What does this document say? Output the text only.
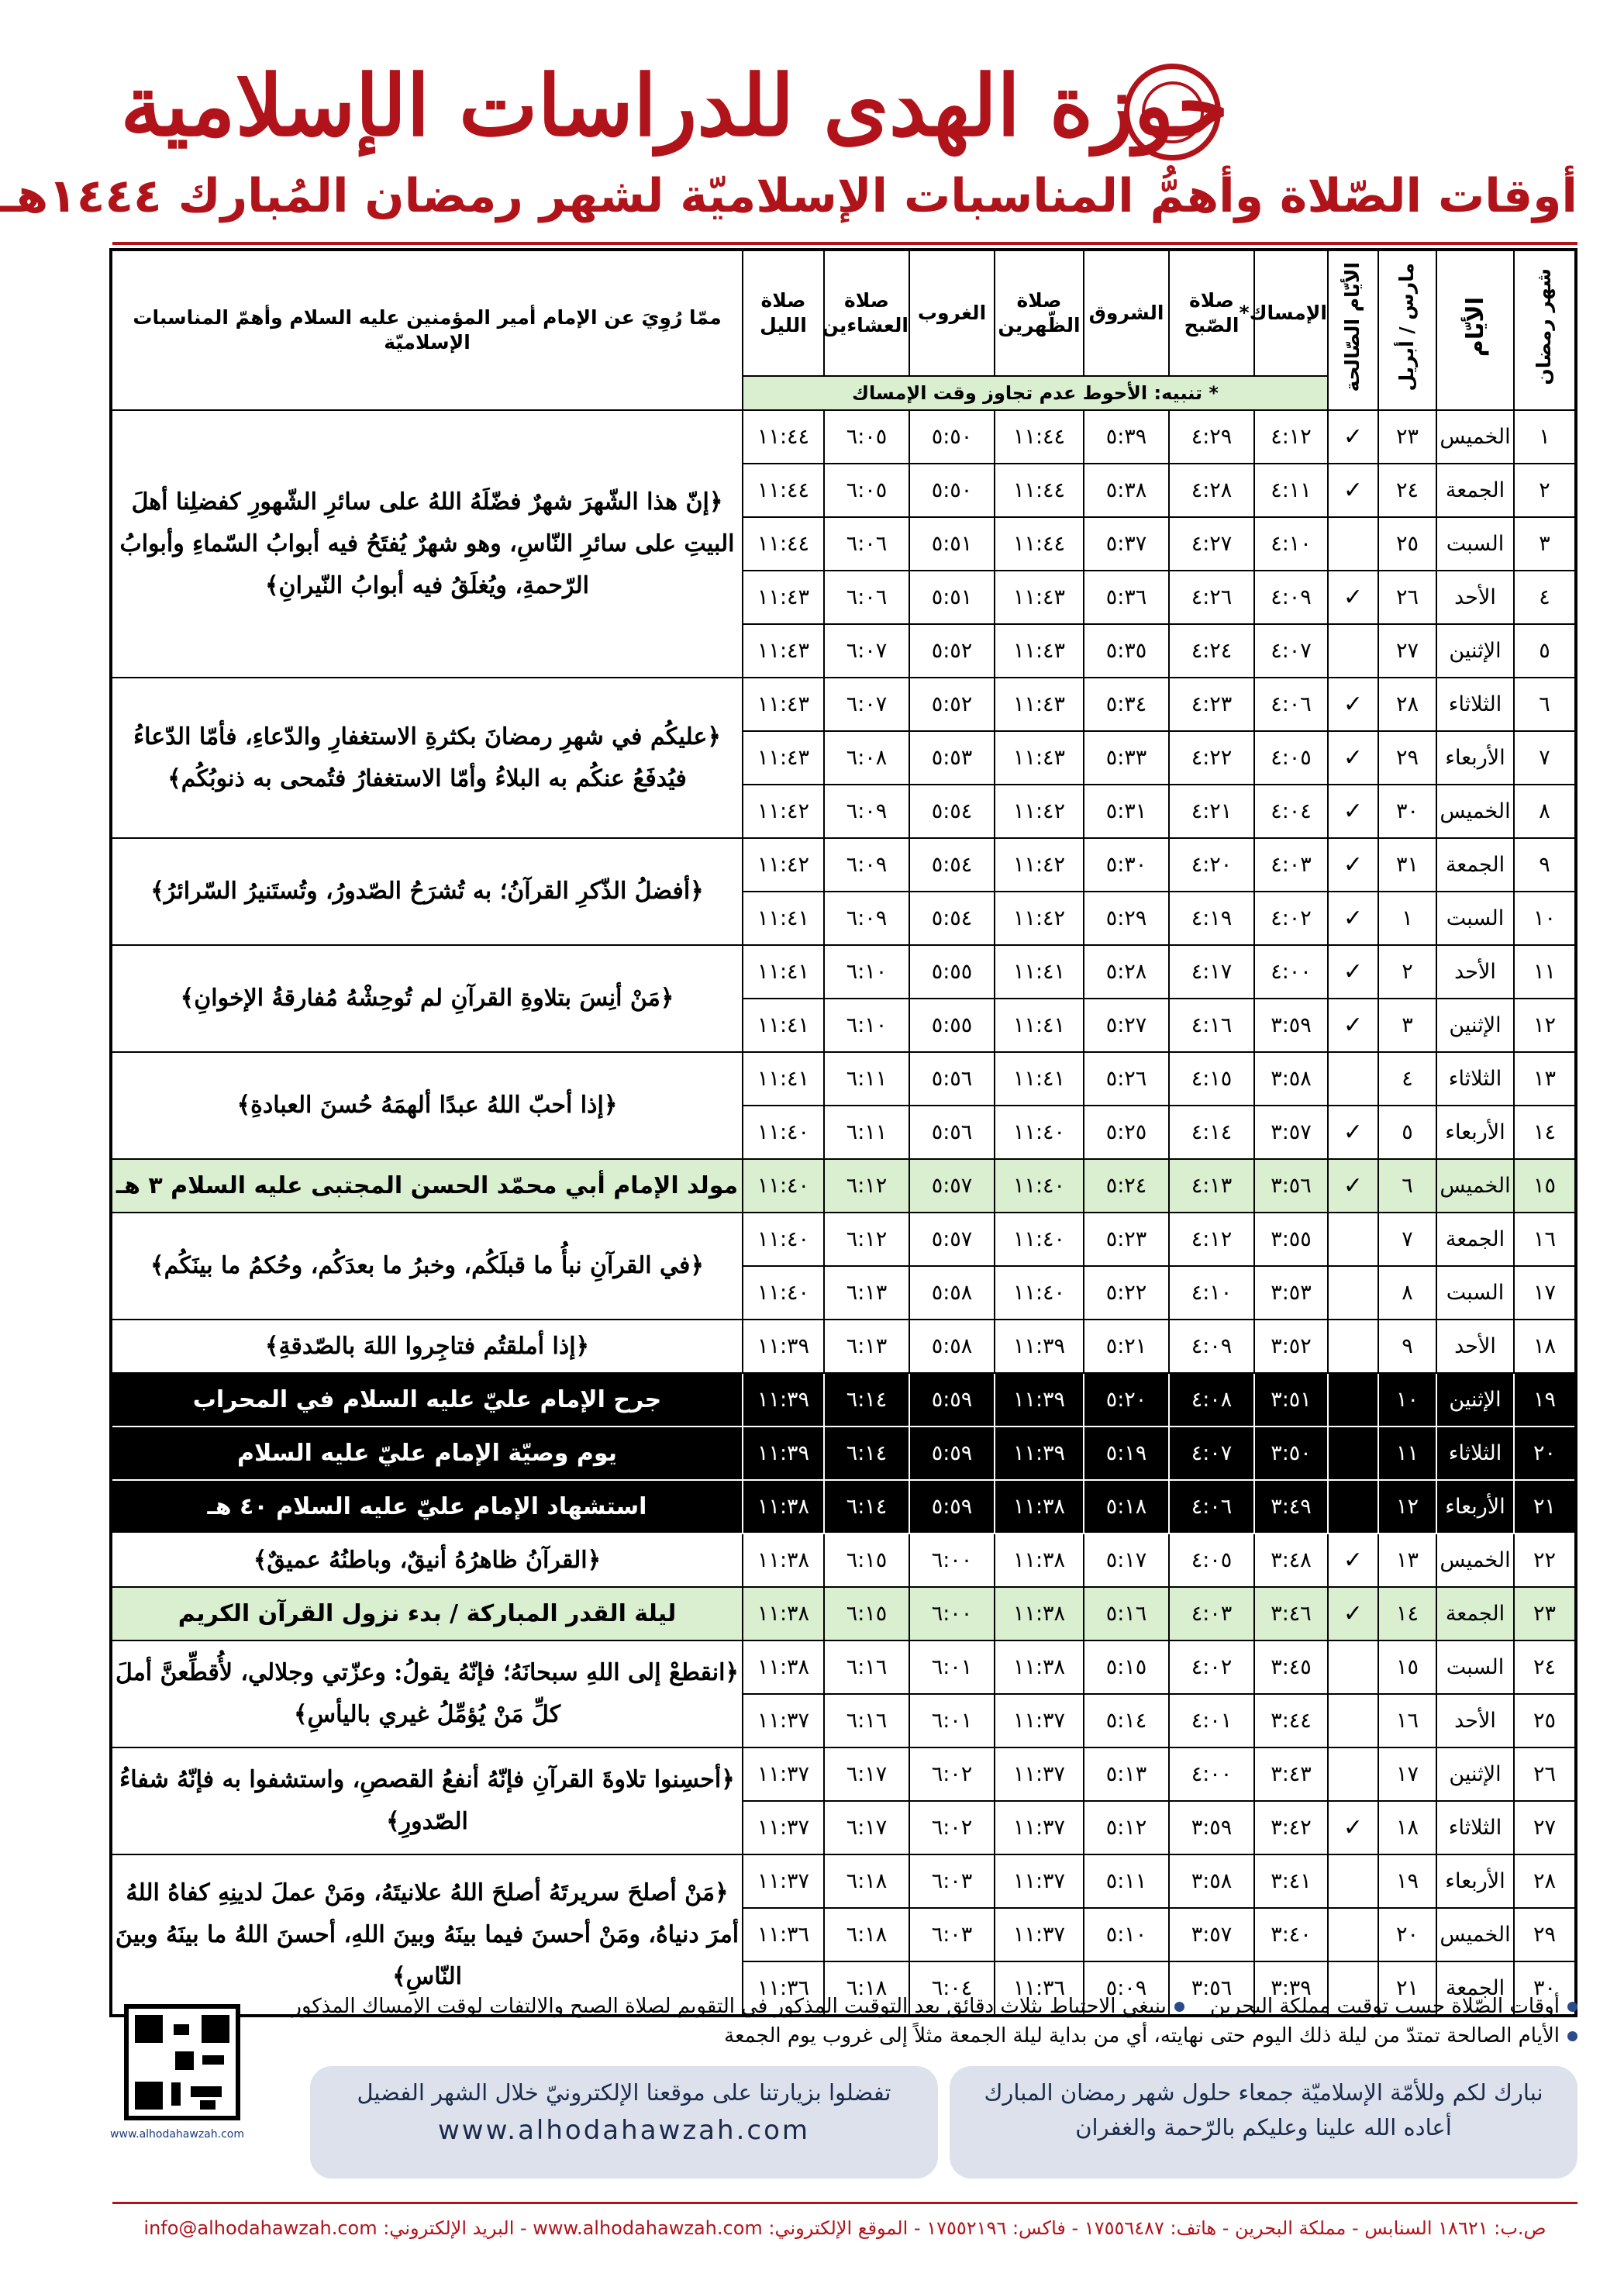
حوزة الهدى للدراسات الإسلامية
أوقات الصّلاة وأهمُّ المناسبات الإسلاميّة لشهر رمضان المُبارك ١٤٤٤هـ
شهر رمضان	الأيّام	مارس / أبريل	الأيّام الصّالحة	الإمساك*	صلاة الصّبح	الشروق	صلاة الظّهرين	الغروب	صلاة العشاءين	صلاة الليل	ممّا رُوِيَ عن الإمام أمير المؤمنين عليه السلام وأهمّ المناسبات الإسلاميّة
				* تنبيه: الأحوط عدم تجاوز وقت الإمساك							
١	الخميس	٢٣	✓	٤:١٢	٤:٢٩	٥:٣٩	١١:٤٤	٥:٥٠	٦:٠٥	١١:٤٤	﴿إنّ هذا الشّهرَ شهرٌ فضّلَهُ اللهُ على سائرِ الشّهورِ كفضلِنا أهلَ البيتِ على سائرِ النّاسِ، وهو شهرٌ يُفتَحُ فيه أبوابُ السّماءِ وأبوابُ الرّحمةِ، ويُغلَقُ فيه أبوابُ النّيرانِ﴾
٢	الجمعة	٢٤	✓	٤:١١	٤:٢٨	٥:٣٨	١١:٤٤	٥:٥٠	٦:٠٥	١١:٤٤	
٣	السبت	٢٥		٤:١٠	٤:٢٧	٥:٣٧	١١:٤٤	٥:٥١	٦:٠٦	١١:٤٤	
٤	الأحد	٢٦	✓	٤:٠٩	٤:٢٦	٥:٣٦	١١:٤٣	٥:٥١	٦:٠٦	١١:٤٣	
٥	الإثنين	٢٧		٤:٠٧	٤:٢٤	٥:٣٥	١١:٤٣	٥:٥٢	٦:٠٧	١١:٤٣	
٦	الثلاثاء	٢٨	✓	٤:٠٦	٤:٢٣	٥:٣٤	١١:٤٣	٥:٥٢	٦:٠٧	١١:٤٣	﴿عليكُم في شهرِ رمضانَ بكثرةِ الاستغفارِ والدّعاءِ، فأمّا الدّعاءُ فيُدفَعُ عنكُم به البلاءُ وأمّا الاستغفارُ فتُمحى به ذنوبُكُم﴾
٧	الأربعاء	٢٩	✓	٤:٠٥	٤:٢٢	٥:٣٣	١١:٤٣	٥:٥٣	٦:٠٨	١١:٤٣	
٨	الخميس	٣٠	✓	٤:٠٤	٤:٢١	٥:٣١	١١:٤٢	٥:٥٤	٦:٠٩	١١:٤٢	
٩	الجمعة	٣١	✓	٤:٠٣	٤:٢٠	٥:٣٠	١١:٤٢	٥:٥٤	٦:٠٩	١١:٤٢	﴿أفضلُ الذّكرِ القرآنُ؛ به تُشرَحُ الصّدورُ، وتُستَنيرُ السّرائرُ﴾
١٠	السبت	١	✓	٤:٠٢	٤:١٩	٥:٢٩	١١:٤٢	٥:٥٤	٦:٠٩	١١:٤١	
١١	الأحد	٢	✓	٤:٠٠	٤:١٧	٥:٢٨	١١:٤١	٥:٥٥	٦:١٠	١١:٤١	﴿مَنْ أنِسَ بتلاوةِ القرآنِ لم تُوحِشْهُ مُفارقةُ الإخوانِ﴾
١٢	الإثنين	٣	✓	٣:٥٩	٤:١٦	٥:٢٧	١١:٤١	٥:٥٥	٦:١٠	١١:٤١	
١٣	الثلاثاء	٤		٣:٥٨	٤:١٥	٥:٢٦	١١:٤١	٥:٥٦	٦:١١	١١:٤١	﴿إذا أحبّ اللهُ عبدًا ألهمَهُ حُسنَ العبادةِ﴾
١٤	الأربعاء	٥	✓	٣:٥٧	٤:١٤	٥:٢٥	١١:٤٠	٥:٥٦	٦:١١	١١:٤٠	
١٥	الخميس	٦	✓	٣:٥٦	٤:١٣	٥:٢٤	١١:٤٠	٥:٥٧	٦:١٢	١١:٤٠	مولد الإمام أبي محمّد الحسن المجتبى عليه السلام ٣ هـ
١٦	الجمعة	٧		٣:٥٥	٤:١٢	٥:٢٣	١١:٤٠	٥:٥٧	٦:١٢	١١:٤٠	﴿في القرآنِ نبأُ ما قبلَكُم، وخبرُ ما بعدَكُم، وحُكمُ ما بينَكُم﴾
١٧	السبت	٨		٣:٥٣	٤:١٠	٥:٢٢	١١:٤٠	٥:٥٨	٦:١٣	١١:٤٠	
١٨	الأحد	٩		٣:٥٢	٤:٠٩	٥:٢١	١١:٣٩	٥:٥٨	٦:١٣	١١:٣٩	﴿إذا أملقتُم فتاجِروا اللهَ بالصّدقةِ﴾
١٩	الإثنين	١٠		٣:٥١	٤:٠٨	٥:٢٠	١١:٣٩	٥:٥٩	٦:١٤	١١:٣٩	جرح الإمام عليّ عليه السلام في المحراب
٢٠	الثلاثاء	١١		٣:٥٠	٤:٠٧	٥:١٩	١١:٣٩	٥:٥٩	٦:١٤	١١:٣٩	يوم وصيّة الإمام عليّ عليه السلام
٢١	الأربعاء	١٢		٣:٤٩	٤:٠٦	٥:١٨	١١:٣٨	٥:٥٩	٦:١٤	١١:٣٨	استشهاد الإمام عليّ عليه السلام ٤٠ هـ
٢٢	الخميس	١٣	✓	٣:٤٨	٤:٠٥	٥:١٧	١١:٣٨	٦:٠٠	٦:١٥	١١:٣٨	﴿القرآنُ ظاهرُهُ أنيقٌ، وباطنُهُ عميقٌ﴾
٢٣	الجمعة	١٤	✓	٣:٤٦	٤:٠٣	٥:١٦	١١:٣٨	٦:٠٠	٦:١٥	١١:٣٨	ليلة القدر المباركة / بدء نزول القرآن الكريم
٢٤	السبت	١٥		٣:٤٥	٤:٠٢	٥:١٥	١١:٣٨	٦:٠١	٦:١٦	١١:٣٨	﴿انقطعْ إلى اللهِ سبحانَهُ؛ فإنّهُ يقولُ: وعزّتي وجلالي، لأُقطِّعنَّ أملَ كلِّ مَنْ يُؤمِّلُ غيري باليأسِ﴾
٢٥	الأحد	١٦		٣:٤٤	٤:٠١	٥:١٤	١١:٣٧	٦:٠١	٦:١٦	١١:٣٧	
٢٦	الإثنين	١٧		٣:٤٣	٤:٠٠	٥:١٣	١١:٣٧	٦:٠٢	٦:١٧	١١:٣٧	﴿أحسِنوا تلاوةَ القرآنِ فإنّهُ أنفعُ القصصِ، واستشفوا به فإنّهُ شفاءُ الصّدورِ﴾
٢٧	الثلاثاء	١٨	✓	٣:٤٢	٣:٥٩	٥:١٢	١١:٣٧	٦:٠٢	٦:١٧	١١:٣٧	
٢٨	الأربعاء	١٩		٣:٤١	٣:٥٨	٥:١١	١١:٣٧	٦:٠٣	٦:١٨	١١:٣٧	﴿مَنْ أصلحَ سريرتَهُ أصلحَ اللهُ علانيتَهُ، ومَنْ عملَ لدينِهِ كفاهُ اللهُ أمرَ دنياهُ، ومَنْ أحسنَ فيما بينَهُ وبينَ اللهِ، أحسنَ اللهُ ما بينَهُ وبينَ النّاسِ﴾
٢٩	الخميس	٢٠		٣:٤٠	٣:٥٧	٥:١٠	١١:٣٧	٦:٠٣	٦:١٨	١١:٣٦	
٣٠	الجمعة	٢١		٣:٣٩	٣:٥٦	٥:٠٩	١١:٣٦	٦:٠٤	٦:١٨	١١:٣٦	
أوقات الصّلاة حسب توقيت مملكة البحرين    ينبغي الاحتياط بثلاث دقائق بعد التوقيت المذكور في التقويم لصلاة الصبح والالتفات لوقت الإمساك المذكور
الأيام الصالحة تمتدّ من ليلة ذلك اليوم حتى نهايته، أي من بداية ليلة الجمعة مثلاً إلى غروب يوم الجمعة
www.alhodahawzah.com
نبارك لكم وللأمّة الإسلاميّة جمعاء حلول شهر رمضان المبارك
أعاده الله علينا وعليكم بالرّحمة والغفران
تفضلوا بزيارتنا على موقعنا الإلكترونيّ خلال الشهر الفضيل
www.alhodahawzah.com
ص.ب: ١٨٦٢١ السنابس - مملكة البحرين - هاتف: ١٧٥٥٦٤٨٧ - فاكس: ١٧٥٥٢١٩٦ - الموقع الإلكتروني: www.alhodahawzah.com - البريد الإلكتروني: info@alhodahawzah.com
